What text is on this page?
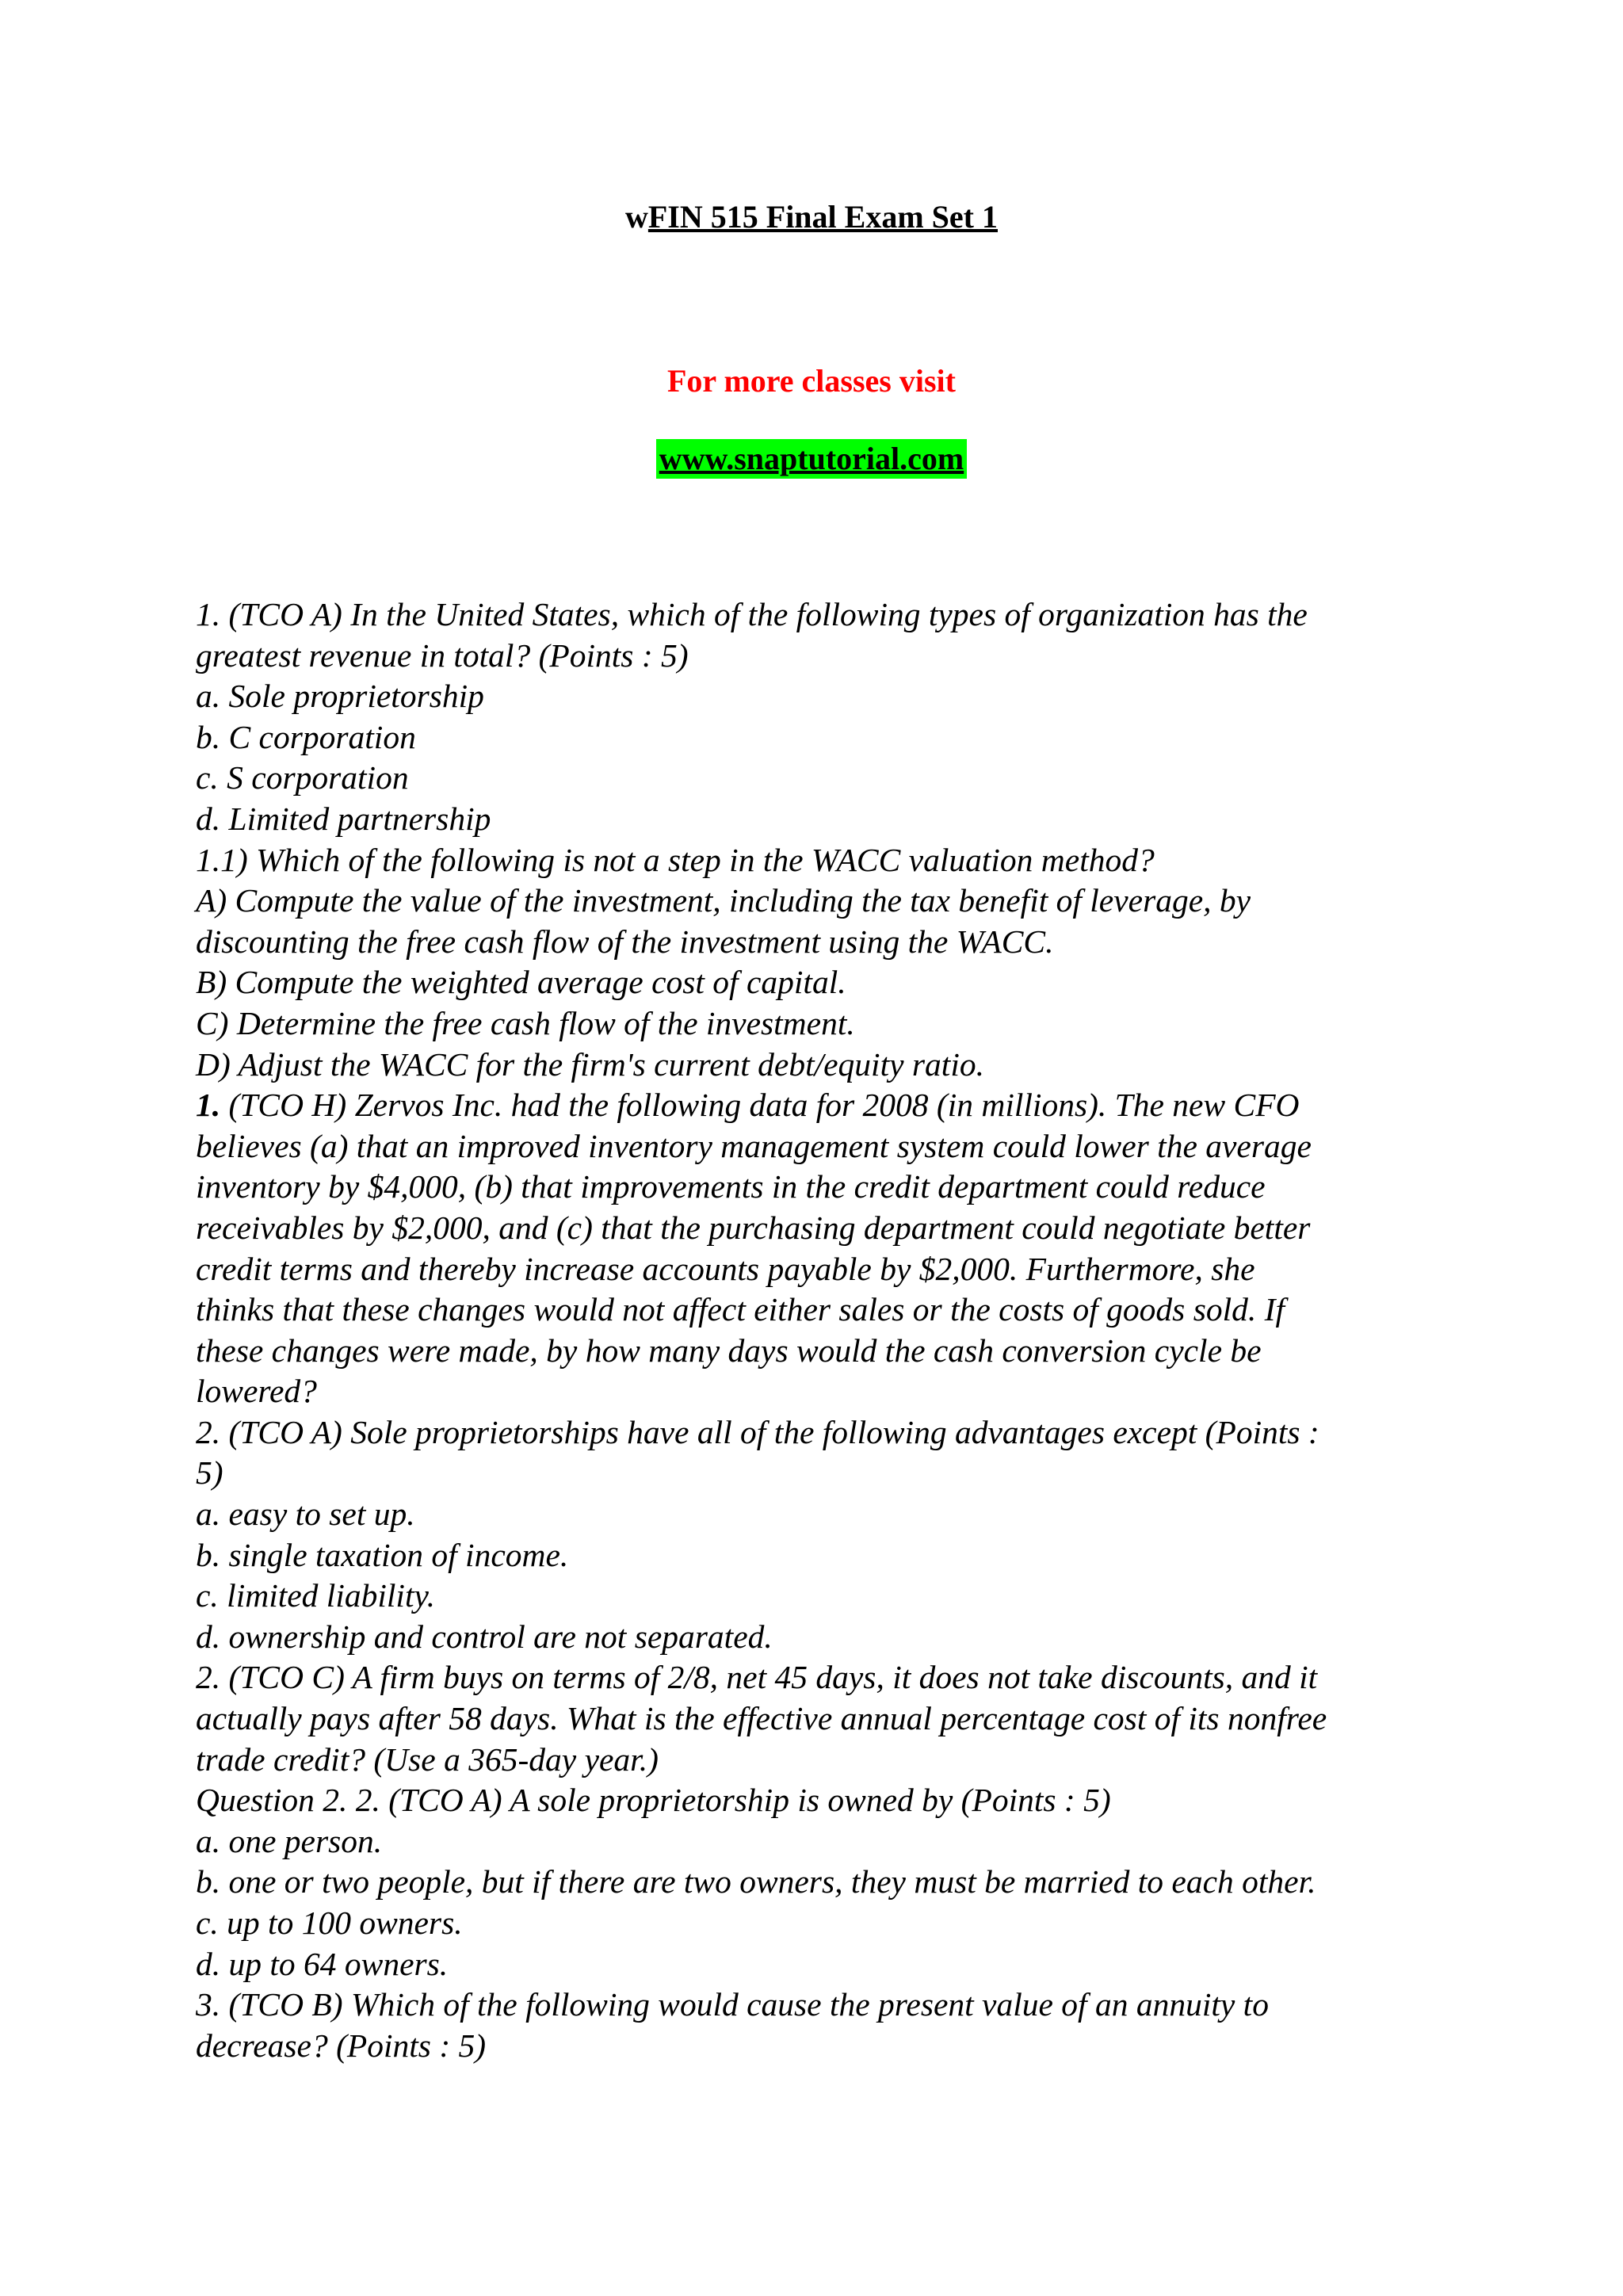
wFIN 515 Final Exam Set 1
For more classes visit
www.snaptutorial.com
1. (TCO A) In the United States, which of the following types of organization has the
greatest revenue in total? (Points : 5)
a. Sole proprietorship
b. C corporation
c. S corporation
d. Limited partnership
1.1) Which of the following is not a step in the WACC valuation method?
A) Compute the value of the investment, including the tax benefit of leverage, by
discounting the free cash flow of the investment using the WACC.
B) Compute the weighted average cost of capital.
C) Determine the free cash flow of the investment.
D) Adjust the WACC for the firm's current debt/equity ratio.
1. (TCO H) Zervos Inc. had the following data for 2008 (in millions). The new CFO
believes (a) that an improved inventory management system could lower the average
inventory by $4,000, (b) that improvements in the credit department could reduce
receivables by $2,000, and (c) that the purchasing department could negotiate better
credit terms and thereby increase accounts payable by $2,000. Furthermore, she
thinks that these changes would not affect either sales or the costs of goods sold. If
these changes were made, by how many days would the cash conversion cycle be
lowered?
2. (TCO A) Sole proprietorships have all of the following advantages except (Points :
5)
a. easy to set up.
b. single taxation of income.
c. limited liability.
d. ownership and control are not separated.
2. (TCO C) A firm buys on terms of 2/8, net 45 days, it does not take discounts, and it
actually pays after 58 days. What is the effective annual percentage cost of its nonfree
trade credit? (Use a 365-day year.)
Question 2. 2. (TCO A) A sole proprietorship is owned by (Points : 5)
a. one person.
b. one or two people, but if there are two owners, they must be married to each other.
c. up to 100 owners.
d. up to 64 owners.
3. (TCO B) Which of the following would cause the present value of an annuity to
decrease? (Points : 5)
